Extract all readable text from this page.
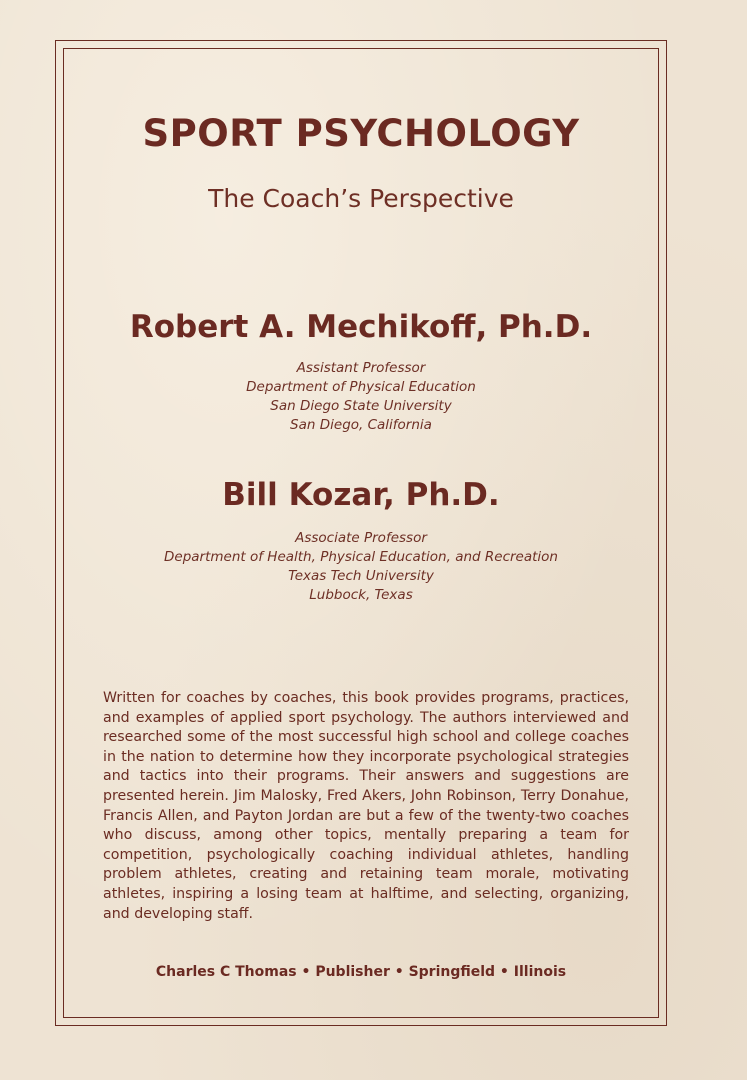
SPORT PSYCHOLOGY
The Coach’s Perspective
Robert A. Mechikoff, Ph.D.
Assistant Professor
Department of Physical Education
San Diego State University
San Diego, California
Bill Kozar, Ph.D.
Associate Professor
Department of Health, Physical Education, and Recreation
Texas Tech University
Lubbock, Texas
Written for coaches by coaches, this book provides programs, practices, and examples of applied sport psychology. The authors interviewed and researched some of the most successful high school and college coaches in the nation to determine how they incorporate psychological strategies and tactics into their programs. Their answers and suggestions are presented herein. Jim Malosky, Fred Akers, John Robinson, Terry Donahue, Francis Allen, and Payton Jordan are but a few of the twenty-two coaches who discuss, among other topics, mentally preparing a team for competition, psychologically coaching individual athletes, handling problem athletes, creating and retaining team morale, motivating athletes, inspiring a losing team at halftime, and selecting, organizing, and developing staff.
Charles C Thomas • Publisher • Springfield • Illinois
